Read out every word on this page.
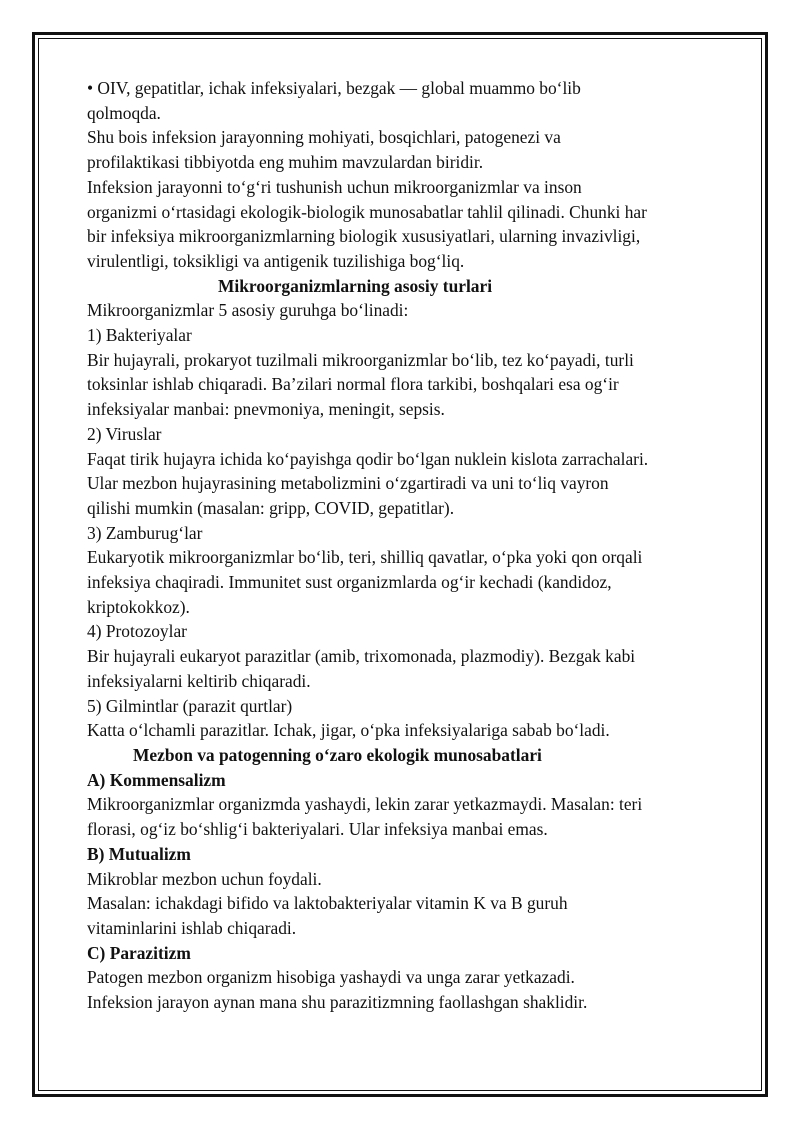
• OIV, gepatitlar, ichak infeksiyalari, bezgak — global muammo bo‘lib
qolmoqda.
Shu bois infeksion jarayonning mohiyati, bosqichlari, patogenezi va
profilaktikasi tibbiyotda eng muhim mavzulardan biridir.
Infeksion jarayonni to‘g‘ri tushunish uchun mikroorganizmlar va inson
organizmi o‘rtasidagi ekologik-biologik munosabatlar tahlil qilinadi. Chunki har
bir infeksiya mikroorganizmlarning biologik xususiyatlari, ularning invazivligi,
virulentligi, toksikligi va antigenik tuzilishiga bog‘liq.
Mikroorganizmlarning asosiy turlari
Mikroorganizmlar 5 asosiy guruhga bo‘linadi:
1) Bakteriyalar
Bir hujayrali, prokaryot tuzilmali mikroorganizmlar bo‘lib, tez ko‘payadi, turli
toksinlar ishlab chiqaradi. Ba’zilari normal flora tarkibi, boshqalari esa og‘ir
infeksiyalar manbai: pnevmoniya, meningit, sepsis.
2) Viruslar
Faqat tirik hujayra ichida ko‘payishga qodir bo‘lgan nuklein kislota zarrachalari.
Ular mezbon hujayrasining metabolizmini o‘zgartiradi va uni to‘liq vayron
qilishi mumkin (masalan: gripp, COVID, gepatitlar).
3) Zamburug‘lar
Eukaryotik mikroorganizmlar bo‘lib, teri, shilliq qavatlar, o‘pka yoki qon orqali
infeksiya chaqiradi. Immunitet sust organizmlarda og‘ir kechadi (kandidoz,
kriptokokkoz).
4) Protozoylar
Bir hujayrali eukaryot parazitlar (amib, trixomonada, plazmodiy). Bezgak kabi
infeksiyalarni keltirib chiqaradi.
5) Gilmintlar (parazit qurtlar)
Katta o‘lchamli parazitlar. Ichak, jigar, o‘pka infeksiyalariga sabab bo‘ladi.
Mezbon va patogenning o‘zaro ekologik munosabatlari
A) Kommensalizm
Mikroorganizmlar organizmda yashaydi, lekin zarar yetkazmaydi. Masalan: teri
florasi, og‘iz bo‘shlig‘i bakteriyalari. Ular infeksiya manbai emas.
B) Mutualizm
Mikroblar mezbon uchun foydali.
Masalan: ichakdagi bifido va laktobakteriyalar vitamin K va B guruh
vitaminlarini ishlab chiqaradi.
C) Parazitizm
Patogen mezbon organizm hisobiga yashaydi va unga zarar yetkazadi.
Infeksion jarayon aynan mana shu parazitizmning faollashgan shaklidir.
